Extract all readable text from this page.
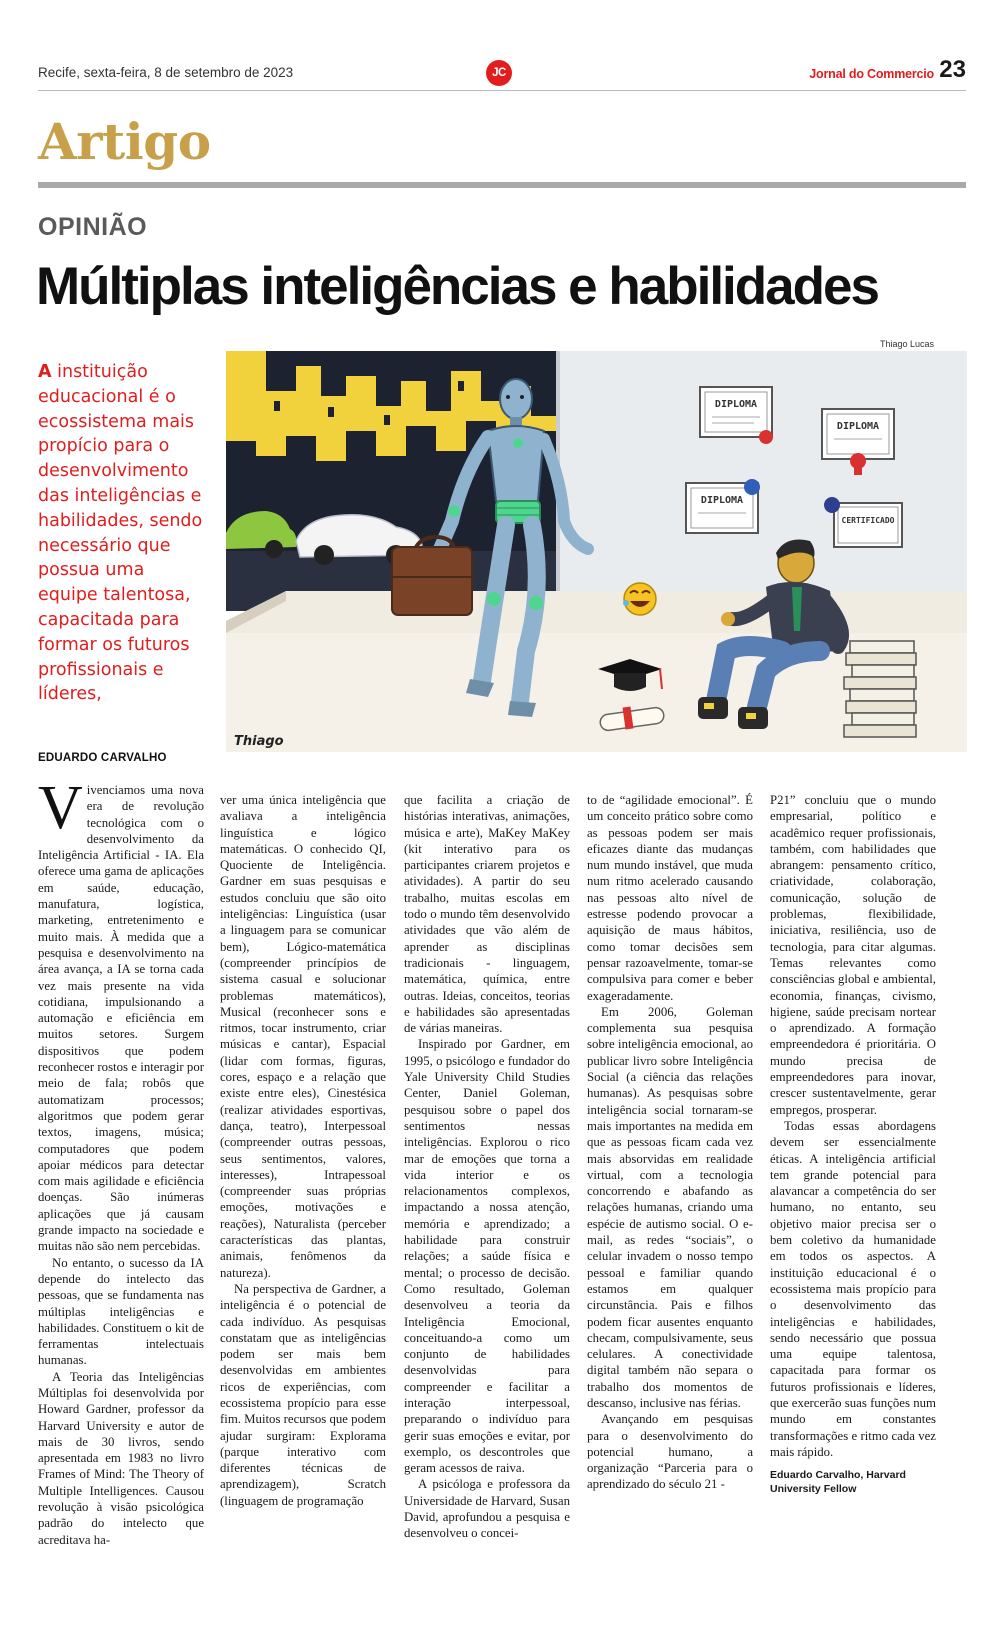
Recife, sexta-feira, 8 de setembro de 2023	JC	Jornal do Commercio 23
Artigo
OPINIÃO
Múltiplas inteligências e habilidades
A instituição educacional é o ecossistema mais propício para o desenvolvimento das inteligências e habilidades, sendo necessário que possua uma equipe talentosa, capacitada para formar os futuros profissionais e líderes,
EDUARDO CARVALHO
Thiago Lucas
DIPLOMA
DIPLOMA
DIPLOMA
CERTIFICADO
Thiago

Vivenciamos uma nova era de revolução tecnológica com o desenvolvimento da Inteligência Artificial - IA. Ela oferece uma gama de aplicações em saúde, educação, manufatura, logística, marketing, entretenimento e muito mais. À medida que a pesquisa e desenvolvimento na área avança, a IA se torna cada vez mais presente na vida cotidiana, impulsionando a automação e eficiência em muitos setores. Surgem dispositivos que podem reconhecer rostos e interagir por meio de fala; robôs que automatizam processos; algoritmos que podem gerar textos, imagens, música; computadores que podem apoiar médicos para detectar com mais agilidade e eficiência doenças. São inúmeras aplicações que já causam grande impacto na sociedade e muitas não são nem percebidas.

No entanto, o sucesso da IA depende do intelecto das pessoas, que se fundamenta nas múltiplas inteligências e habilidades. Constituem o kit de ferramentas intelectuais humanas.

A Teoria das Inteligências Múltiplas foi desenvolvida por Howard Gardner, professor da Harvard University e autor de mais de 30 livros, sendo apresentada em 1983 no livro Frames of Mind: The Theory of Multiple Intelligences. Causou revolução à visão psicológica padrão do intelecto que acreditava ha-

ver uma única inteligência que avaliava a inteligência linguística e lógico matemáticas. O conhecido QI, Quociente de Inteligência. Gardner em suas pesquisas e estudos concluiu que são oito inteligências: Linguística (usar a linguagem para se comunicar bem), Lógico-matemática (compreender princípios de sistema casual e solucionar problemas matemáticos), Musical (reconhecer sons e ritmos, tocar instrumento, criar músicas e cantar), Espacial (lidar com formas, figuras, cores, espaço e a relação que existe entre eles), Cinestésica (realizar atividades esportivas, dança, teatro), Interpessoal (compreender outras pessoas, seus sentimentos, valores, interesses), Intrapessoal (compreender suas próprias emoções, motivações e reações), Naturalista (perceber características das plantas, animais, fenômenos da natureza).

Na perspectiva de Gardner, a inteligência é o potencial de cada indivíduo. As pesquisas constatam que as inteligências podem ser mais bem desenvolvidas em ambientes ricos de experiências, com ecossistema propício para esse fim. Muitos recursos que podem ajudar surgiram: Explorama (parque interativo com diferentes técnicas de aprendizagem), Scratch (linguagem de programação

que facilita a criação de histórias interativas, animações, música e arte), MaKey MaKey (kit interativo para os participantes criarem projetos e atividades). A partir do seu trabalho, muitas escolas em todo o mundo têm desenvolvido atividades que vão além de aprender as disciplinas tradicionais - linguagem, matemática, química, entre outras. Ideias, conceitos, teorias e habilidades são apresentadas de várias maneiras.

Inspirado por Gardner, em 1995, o psicólogo e fundador do Yale University Child Studies Center, Daniel Goleman, pesquisou sobre o papel dos sentimentos nessas inteligências. Explorou o rico mar de emoções que torna a vida interior e os relacionamentos complexos, impactando a nossa atenção, memória e aprendizado; a habilidade para construir relações; a saúde física e mental; o processo de decisão. Como resultado, Goleman desenvolveu a teoria da Inteligência Emocional, conceituando-a como um conjunto de habilidades desenvolvidas para compreender e facilitar a interação interpessoal, preparando o indivíduo para gerir suas emoções e evitar, por exemplo, os descontroles que geram acessos de raiva.

A psicóloga e professora da Universidade de Harvard, Susan David, aprofundou a pesquisa e desenvolveu o concei-

to de “agilidade emocional”. É um conceito prático sobre como as pessoas podem ser mais eficazes diante das mudanças num mundo instável, que muda num ritmo acelerado causando nas pessoas alto nível de estresse podendo provocar a aquisição de maus hábitos, como tomar decisões sem pensar razoavelmente, tomar-se compulsiva para comer e beber exageradamente.

Em 2006, Goleman complementa sua pesquisa sobre inteligência emocional, ao publicar livro sobre Inteligência Social (a ciência das relações humanas). As pesquisas sobre inteligência social tornaram-se mais importantes na medida em que as pessoas ficam cada vez mais absorvidas em realidade virtual, com a tecnologia concorrendo e abafando as relações humanas, criando uma espécie de autismo social. O e-mail, as redes “sociais”, o celular invadem o nosso tempo pessoal e familiar quando estamos em qualquer circunstância. Pais e filhos podem ficar ausentes enquanto checam, compulsivamente, seus celulares. A conectividade digital também não separa o trabalho dos momentos de descanso, inclusive nas férias.

Avançando em pesquisas para o desenvolvimento do potencial humano, a organização “Parceria para o aprendizado do século 21 -

P21” concluiu que o mundo empresarial, político e acadêmico requer profissionais, também, com habilidades que abrangem: pensamento crítico, criatividade, colaboração, comunicação, solução de problemas, flexibilidade, iniciativa, resiliência, uso de tecnologia, para citar algumas. Temas relevantes como consciências global e ambiental, economia, finanças, civismo, higiene, saúde precisam nortear o aprendizado. A formação empreendedora é prioritária. O mundo precisa de empreendedores para inovar, crescer sustentavelmente, gerar empregos, prosperar.

Todas essas abordagens devem ser essencialmente éticas. A inteligência artificial tem grande potencial para alavancar a competência do ser humano, no entanto, seu objetivo maior precisa ser o bem coletivo da humanidade em todos os aspectos. A instituição educacional é o ecossistema mais propício para o desenvolvimento das inteligências e habilidades, sendo necessário que possua uma equipe talentosa, capacitada para formar os futuros profissionais e líderes, que exercerão suas funções num mundo em constantes transformações e ritmo cada vez mais rápido.

Eduardo Carvalho, Harvard University Fellow
